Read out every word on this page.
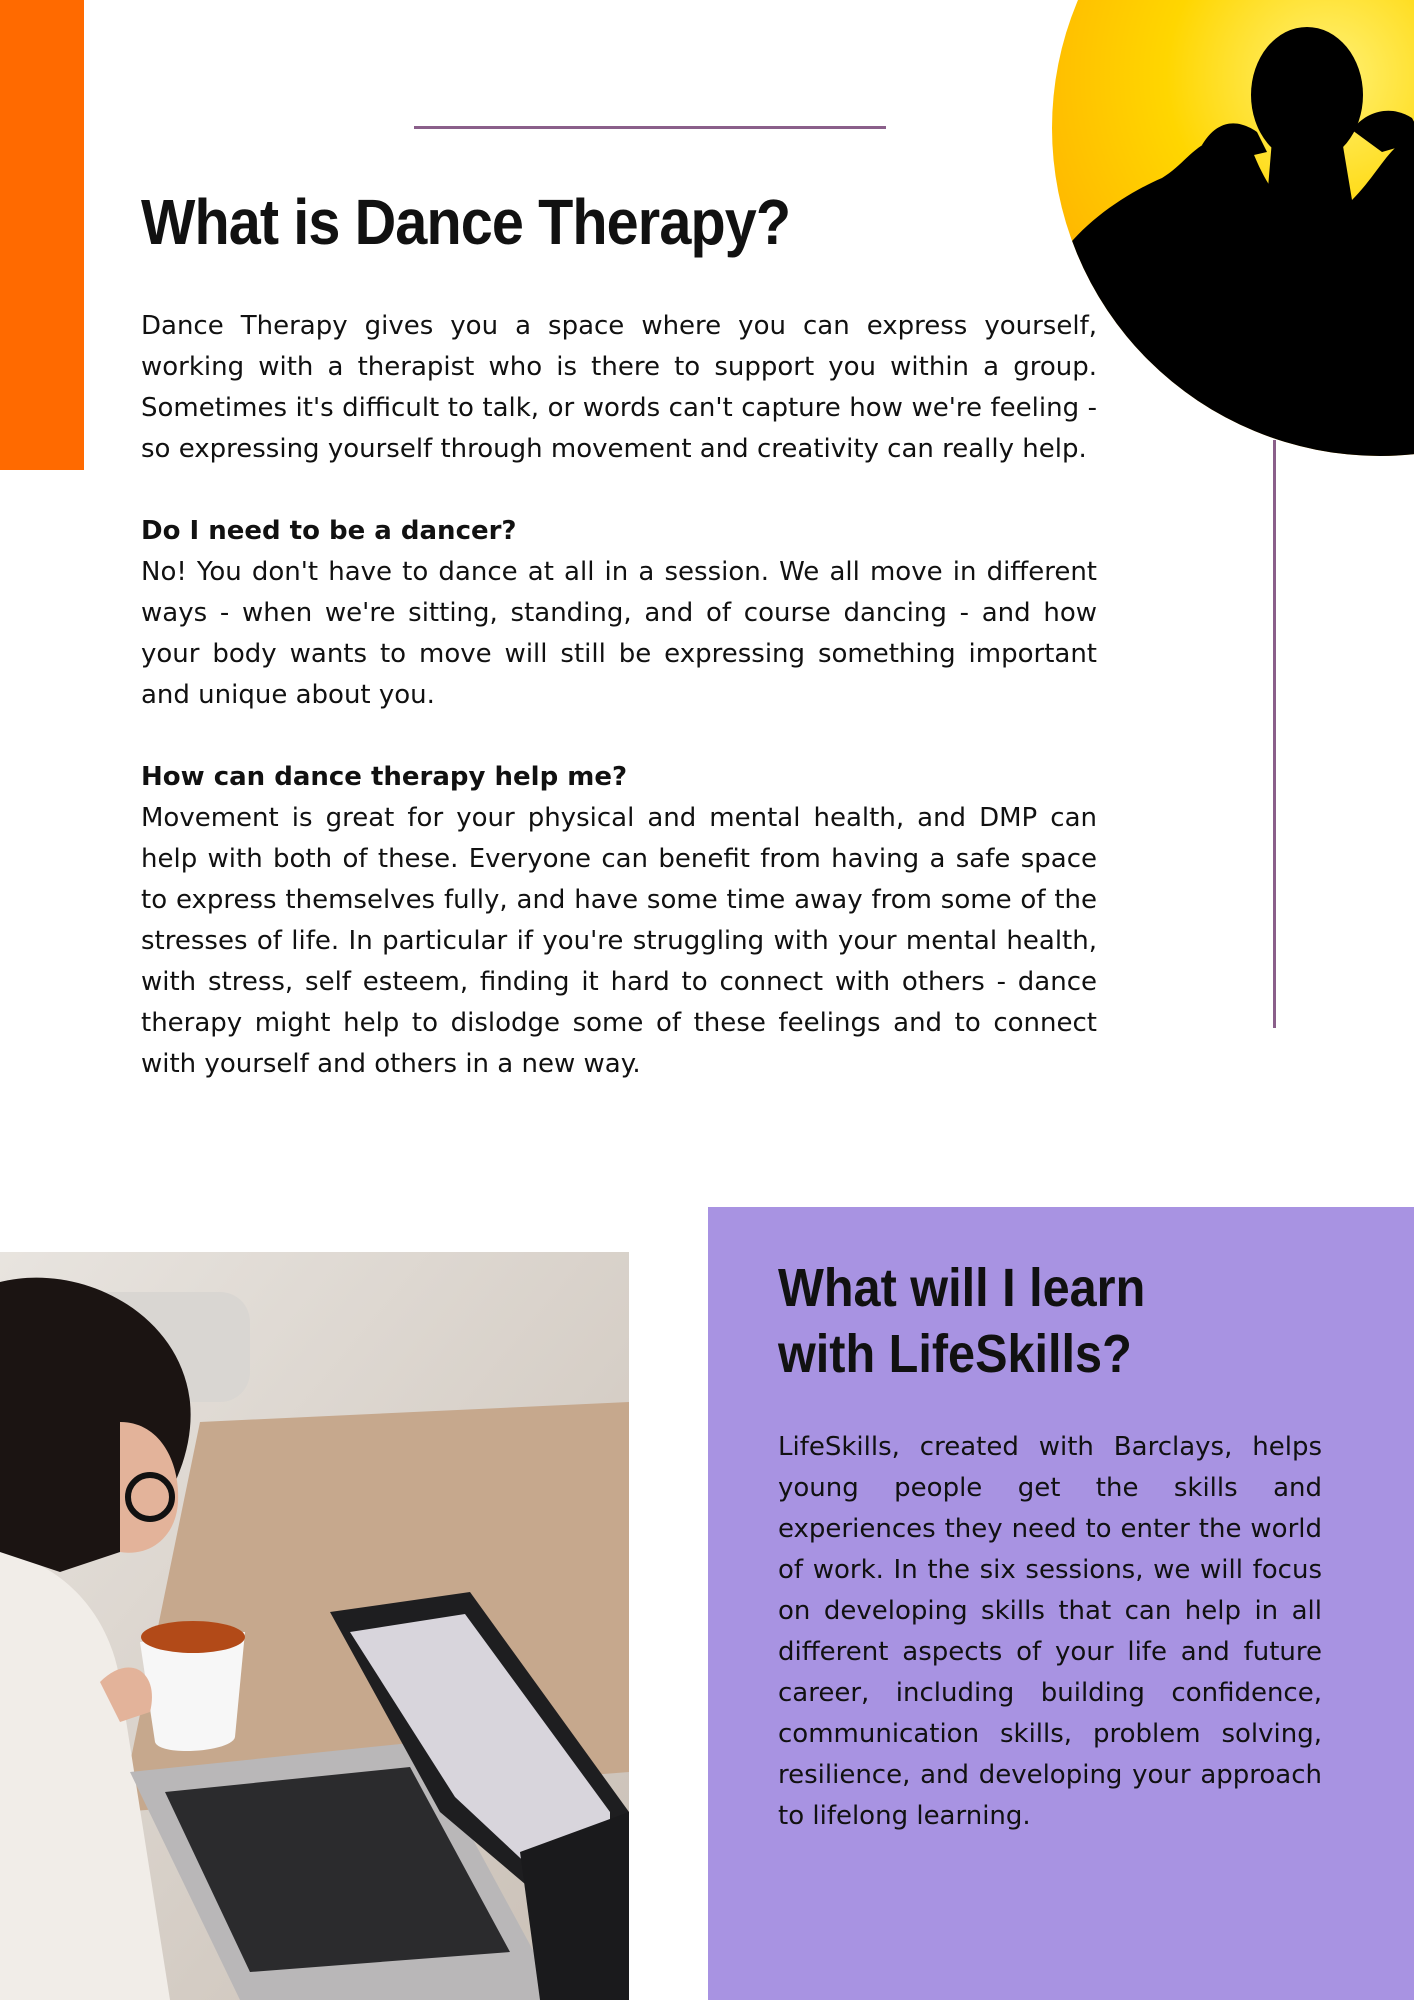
What is Dance Therapy?

Dance Therapy gives you a space where you can express yourself, working with a therapist who is there to support you within a group. Sometimes it's difficult to talk, or words can't capture how we're feeling - so expressing yourself through movement and creativity can really help.

Do I need to be a dancer?

No! You don't have to dance at all in a session. We all move in different ways - when we're sitting, standing, and of course dancing - and how your body wants to move will still be expressing something important and unique about you.

How can dance therapy help me?

Movement is great for your physical and mental health, and DMP can help with both of these. Everyone can benefit from having a safe space to express themselves fully, and have some time away from some of the stresses of life. In particular if you're struggling with your mental health, with stress, self esteem, finding it hard to connect with others - dance therapy might help to dislodge some of these feelings and to connect with yourself and others in a new way.

What will I learn
with LifeSkills?

LifeSkills, created with Barclays, helps young people get the skills and experiences they need to enter the world of work. In the six sessions, we will focus on developing skills that can help in all different aspects of your life and future career, including building confidence, communication skills, problem solving, resilience, and developing your approach to lifelong learning.
